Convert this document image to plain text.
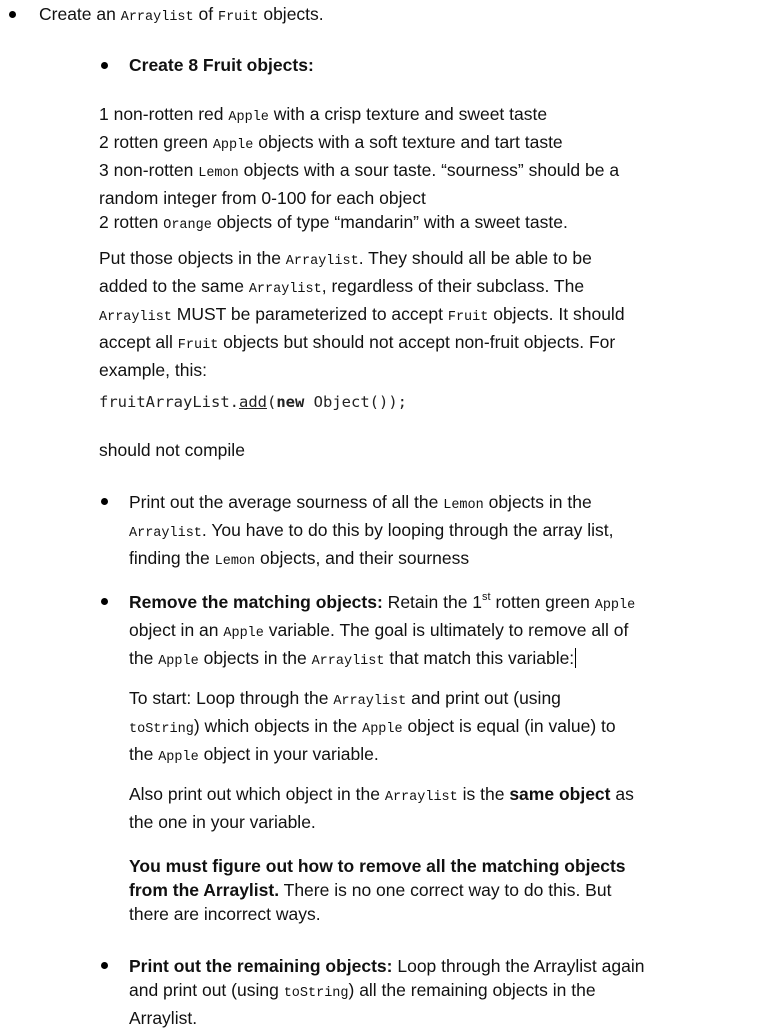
Create an Arraylist of Fruit objects.
Create 8 Fruit objects:
1 non-rotten red Apple with a crisp texture and sweet taste
2 rotten green Apple objects with a soft texture and tart taste
3 non-rotten Lemon objects with a sour taste. “sourness” should be a
random integer from 0-100 for each object
2 rotten Orange objects of type “mandarin” with a sweet taste.
Put those objects in the Arraylist. They should all be able to be
added to the same Arraylist, regardless of their subclass. The
Arraylist MUST be parameterized to accept Fruit objects. It should
accept all Fruit objects but should not accept non-fruit objects. For
example, this:
fruitArrayList.add(new Object());
should not compile
Print out the average sourness of all the Lemon objects in the
Arraylist. You have to do this by looping through the array list,
finding the Lemon objects, and their sourness
Remove the matching objects: Retain the 1st rotten green Apple
object in an Apple variable. The goal is ultimately to remove all of
the Apple objects in the Arraylist that match this variable:
To start: Loop through the Arraylist and print out (using
toString) which objects in the Apple object is equal (in value) to
the Apple object in your variable.
Also print out which object in the Arraylist is the same object as
the one in your variable.
You must figure out how to remove all the matching objects
from the Arraylist. There is no one correct way to do this. But
there are incorrect ways.
Print out the remaining objects: Loop through the Arraylist again
and print out (using toString) all the remaining objects in the
Arraylist.
